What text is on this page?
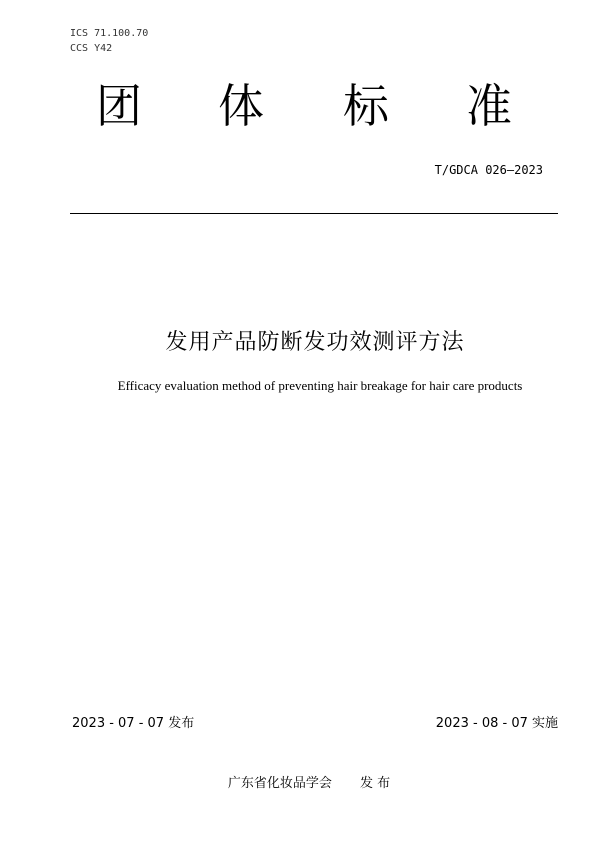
ICS 71.100.70
CCS Y42
团 体 标 准
T/GDCA 026—2023
发用产品防断发功效测评方法
Efficacy evaluation method of preventing hair breakage for hair care products
2023 - 07 - 07 发布	2023 - 08 - 07 实施
广东省化妆品学会 发 布
